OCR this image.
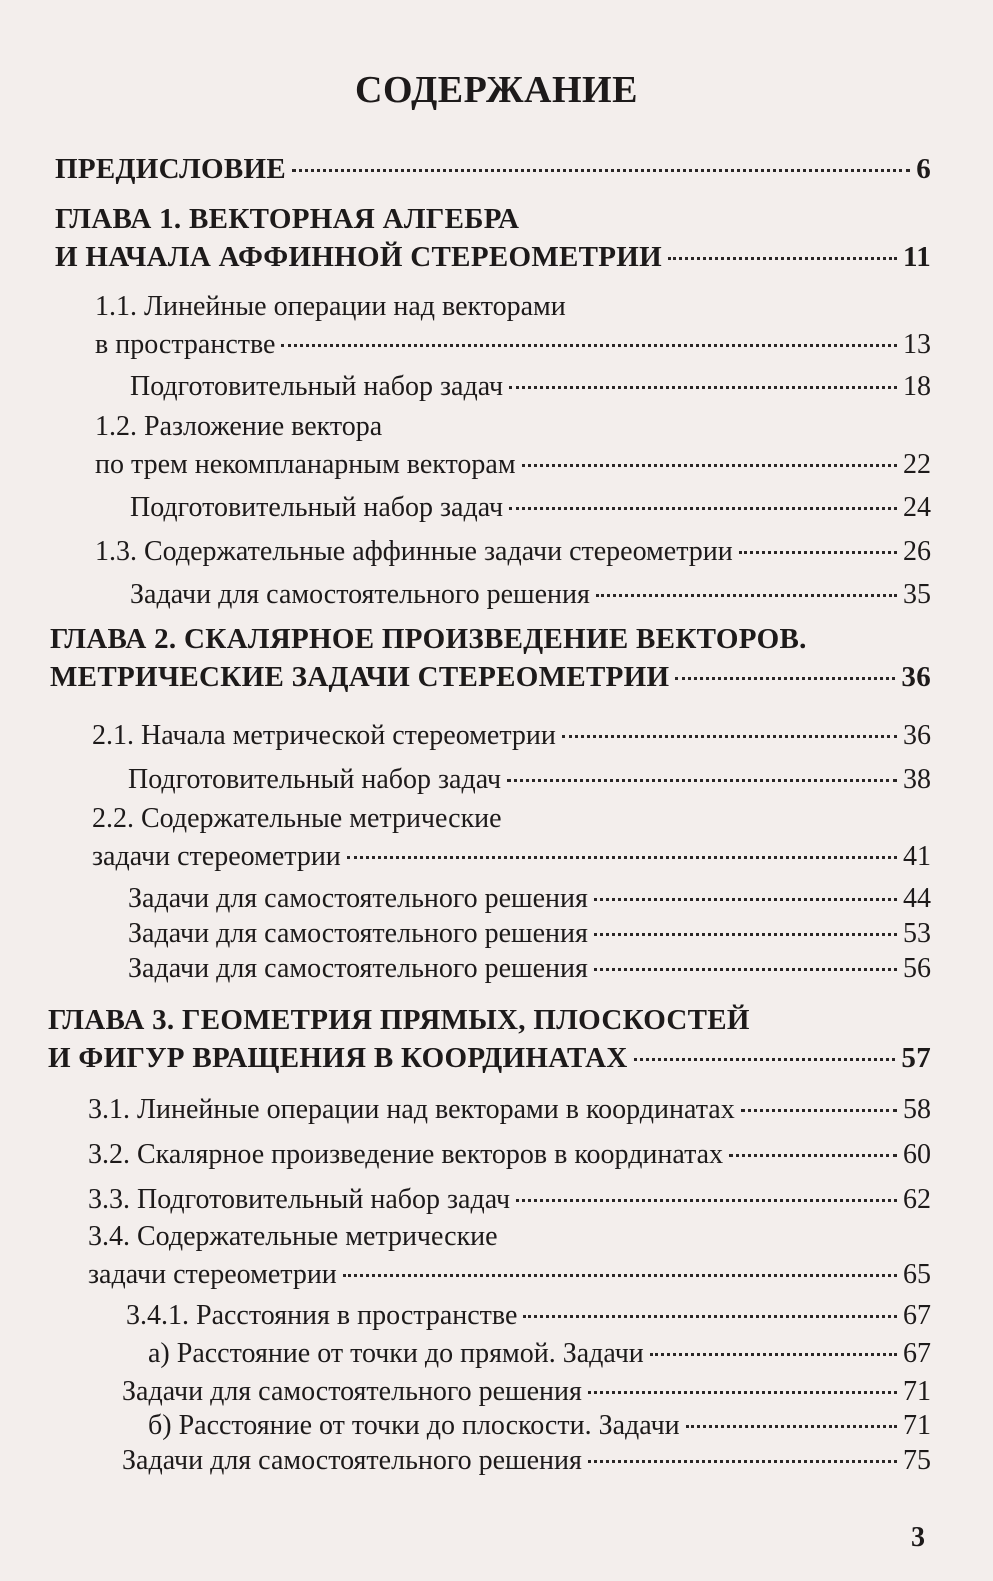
СОДЕРЖАНИЕ
ПРЕДИСЛОВИЕ	6
ГЛАВА 1. ВЕКТОРНАЯ АЛГЕБРА
И НАЧАЛА АФФИННОЙ СТЕРЕОМЕТРИИ	11
1.1. Линейные операции над векторами
в пространстве	13
Подготовительный набор задач	18
1.2. Разложение вектора
по трем некомпланарным векторам	22
Подготовительный набор задач	24
1.3. Содержательные аффинные задачи стереометрии	26
Задачи для самостоятельного решения	35
ГЛАВА 2. СКАЛЯРНОЕ ПРОИЗВЕДЕНИЕ ВЕКТОРОВ.
МЕТРИЧЕСКИЕ ЗАДАЧИ СТЕРЕОМЕТРИИ	36
2.1. Начала метрической стереометрии	36
Подготовительный набор задач	38
2.2. Содержательные метрические
задачи стереометрии	41
Задачи для самостоятельного решения	44
Задачи для самостоятельного решения	53
Задачи для самостоятельного решения	56
ГЛАВА 3. ГЕОМЕТРИЯ ПРЯМЫХ, ПЛОСКОСТЕЙ
И ФИГУР ВРАЩЕНИЯ В КООРДИНАТАХ	57
3.1. Линейные операции над векторами в координатах	58
3.2. Скалярное произведение векторов в координатах	60
3.3. Подготовительный набор задач	62
3.4. Содержательные метрические
задачи стереометрии	65
3.4.1. Расстояния в пространстве	67
а) Расстояние от точки до прямой. Задачи	67
Задачи для самостоятельного решения	71
б) Расстояние от точки до плоскости. Задачи	71
Задачи для самостоятельного решения	75
3
